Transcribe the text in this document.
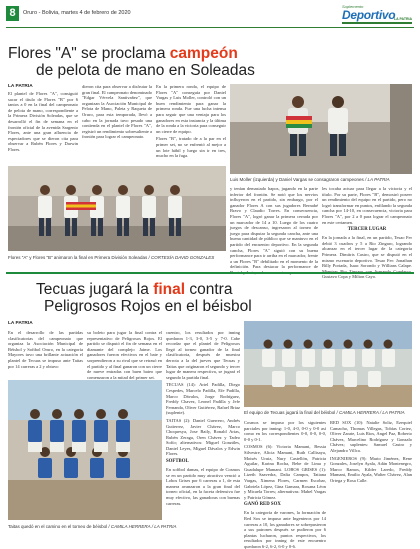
8	Oruro - Bolivia, martes 4 de febrero de 2020
Suplemento
Deportivo
LA PATRIA
Flores "A" se proclama campeón
de pelota de mano en Soleadas
LA PATRIA
El plantel de Flores "A", consiguió sacar el título de Flores "B" por 6 tantos a 0 en la final del campeonato de pelota de mano, correspondiente a la Primera División Soleadas, que se desarrolló el fin de semana en el frontón oficial de la avenida Sargento Flores, ante una gran afluencia de espectadores que se dieron cita para observar a Rubén Flores y Darwin Flores.
dieron cita para observar a disfrutar la gran final. El campeonato denominado "Edgar Vérvela Santivañez", que organizan la Asociación Municipal de Pelota de Mano, Paleta y Raqueta de Oruro, para esta temporada, llevó a cabo en la jornada tuvo pesado una contienda en el plantel de Flores "A", registró un rendimiento sobresaliente a frontón para lograr el campeonato.

En la primera ronda, el equipo de Flores "A" conseguía por Daniel Vargas y Luis Moller, controló con un buen rendimiento para ganar la primera ronda. Fue una lucha intensa para seguir que una ventaja para los ganadores en esta instancia y la última de la ronda a la victoria para conseguir un cierre de equipo.

Flores "B", tratado de a la par en el primer set, no se enfrentó al mejor a un lote hábil y luego sin ir en tres, mucho en la fuga.

Luis Moller (izquierda) y Daniel Vargas se consagraron campeones / LA PATRIA
Flores "A" y Flores "B" animaron la final en Primera División Soleadas / CORTESÍA DAVID GONZALES
y tenían demasiado hapos, jugando en la parte inferior del frontón. Se notó que los nervios influyeron en el partido, sin embargo, por el ganador Flores A con sus jugadores Bernabé Bravo y Claudio Torres. En consecuencia, Flores "A", logró ganar la primera cerrada por un marcador de 14 a 10. Luego de los cuatro juegos de descanso, ingresaron al torneo de juego para disputar la segunda cancha, ante una buena cantidad de público que se mantuvo en el partido del encuentro deportivo. En la segunda cancha, Flores "A" siguió con su buena performance para ir arriba en el marcador, frente a un Flores "B" debilitado en el momento de la definición. Para destacar la performance de

les tocaba actuar para llegar a la victoria y el título. Por su parte, Flores "B", demostró poseer un rendimiento del equipo en el partido, pero no logró transformar en puntos, enfilando la segunda cancha por 14-10, en consecuencia, victoria para Flores "A", por 2 a 0 para lograr el campeonato en este certamen.

TERCER LUGAR

En la jornada a la final, en un partido, Tesao Fer debió 3 cuadros y 5 a Rio Zingaro, logrando alcanzar en el tercer lugar de la categoría Primera. Dimitris Castro, que se disputó en el mismo escenario deportivo. Tesao Fer: Jonathan Billy Portada, Isaac Sorondo y Willians Calape. Gustavo Copa y Milton Cayo.

Tecuas jugará la final contra
Peligrosos Rojos en el béisbol
LA PATRIA
En el desarrollo de las partidas clasificatorias del campeonato que organiza la Asociación Municipal de Béisbol y Softbol Oruro, en la categoría Mayores tuvo una brillante actuación el plantel de Tecuas se impuso ante Taitas por 14 carreras a 2 y obtuvo
su boleto para jugar la final contra el representativo de Peligrosos Rojos. El partido se disputó el fin de semana en el diamante del complejo Jaime. Los ganadores fueron efectivos en el bate y sorprendieron a su rival que se retrasó en el partido y al final ganaron con un cierre de nueve entradas con buen bateo que comenzaron a la mitad del primer set.

cuentro, los resultados por inning quedaron 1-3, 3-0, 3-5 y 7-0. Cabe recordar que el plantel de Peligrosos llegó al torneo ganador de la final clasificatoria, después de muestra derrota a la del jueves que Tecuas y Taitas que originaron el segundo y tercer lugar de manera respectiva, se jugará el segundo la partida final.

TECUAS (14): Ariel Padilla, Diego Cespedes, Marcelo Padilla, Efe Padilla, Marco Dávalos, Jorge Rodríguez, Freddy Chavez, Leonel Padilla y Jefe Fernanda, Oliver Gutiérrez, Rafael Briaz (suplente).

TAITAS (2): Daniel Guerrero, Andrés Gutierrez, Javier Chávez, Marco Choquesya, Jose Baily, Ronald Arias, Rubén Zeraga, Oren Chávez y Tadeo Sofío; alternativos: Miguel Gonzáles, Daniel Leyes, Miguel Dávalos y Edwin Flores.

SOFTBOL

En softbol damas, el equipo de Cosmos se en un partido muy atractivo venció a Lobos Grises por 6 carreras a 1, de esta manera avanzaron a la gran final del torneo oficial, en la faceta defensiva fue muy efectivo, las ganadoras con buenas carreras.

Taitas quedó en el camino en el torneo de béisbol / CAMILA HERRERA / LA PATRIA
El equipo de Tecuas jugará la final del béisbol / CAMILA HERRERA / LA PATRIA

Cosmos se impuso por los siguientes parciales por inning: 1-0, 4-0, 0-0 y 0-0 así como en los correspondientes 0-0, 0-0, 0-0, 0-0 y 0-1.

COSMOS (6): Victoria Mamani, Bessia Silvestre, Alicia Mamani, Ruth Callisaya, Moisés Uruiz, Nury Castellón, Patricia Aguilar, Karina Rocha, Bebe de Lima y Guadalupe Mamani. LOBOS GRISES (1): Lizeth Saavedra, Dalia Campos, Tatiana Vargas, Ximena Flores, Carmen Escobar, Gabriela López, Gina Gamara, Roxana Léon y Micaela Torres; alternativas: Mabel Vargas y Patricia Gómez.

GANÓ RED SOX

En la categoría de varones, la formación de Red Sox se impuso ante Ingenieros por 14 carreras a 10, los ganadores se sobrepusieron a sus patrones después se pudieron por 6 plantas lucharon, puntos respectivos, los resultados por inning de este encuentro quedaron 6-2, 6-2, 6-0 y 0-6.

RED SOX (10): Natalie Soliz, Ezequiel Camacho, Thomas Villegas, Tobías Cortez, Oliver Zarate, Luis Rios, Angel Paz, Roberto Chávez, Marcelino Rodríguez y Gonzalo Chávez; suplentes: Samuel Castro y Alejandro Villca.

INGENIEROS (9): Mario Jiménez, Rene Gonzales, Joselyn Ayala, Adán Montenegro, Marco Ramos, Kilder Laredo, Freddy Mamani, Emilio Ayala, Walter Chávez, Alan Ortega y Rosa Calle.
